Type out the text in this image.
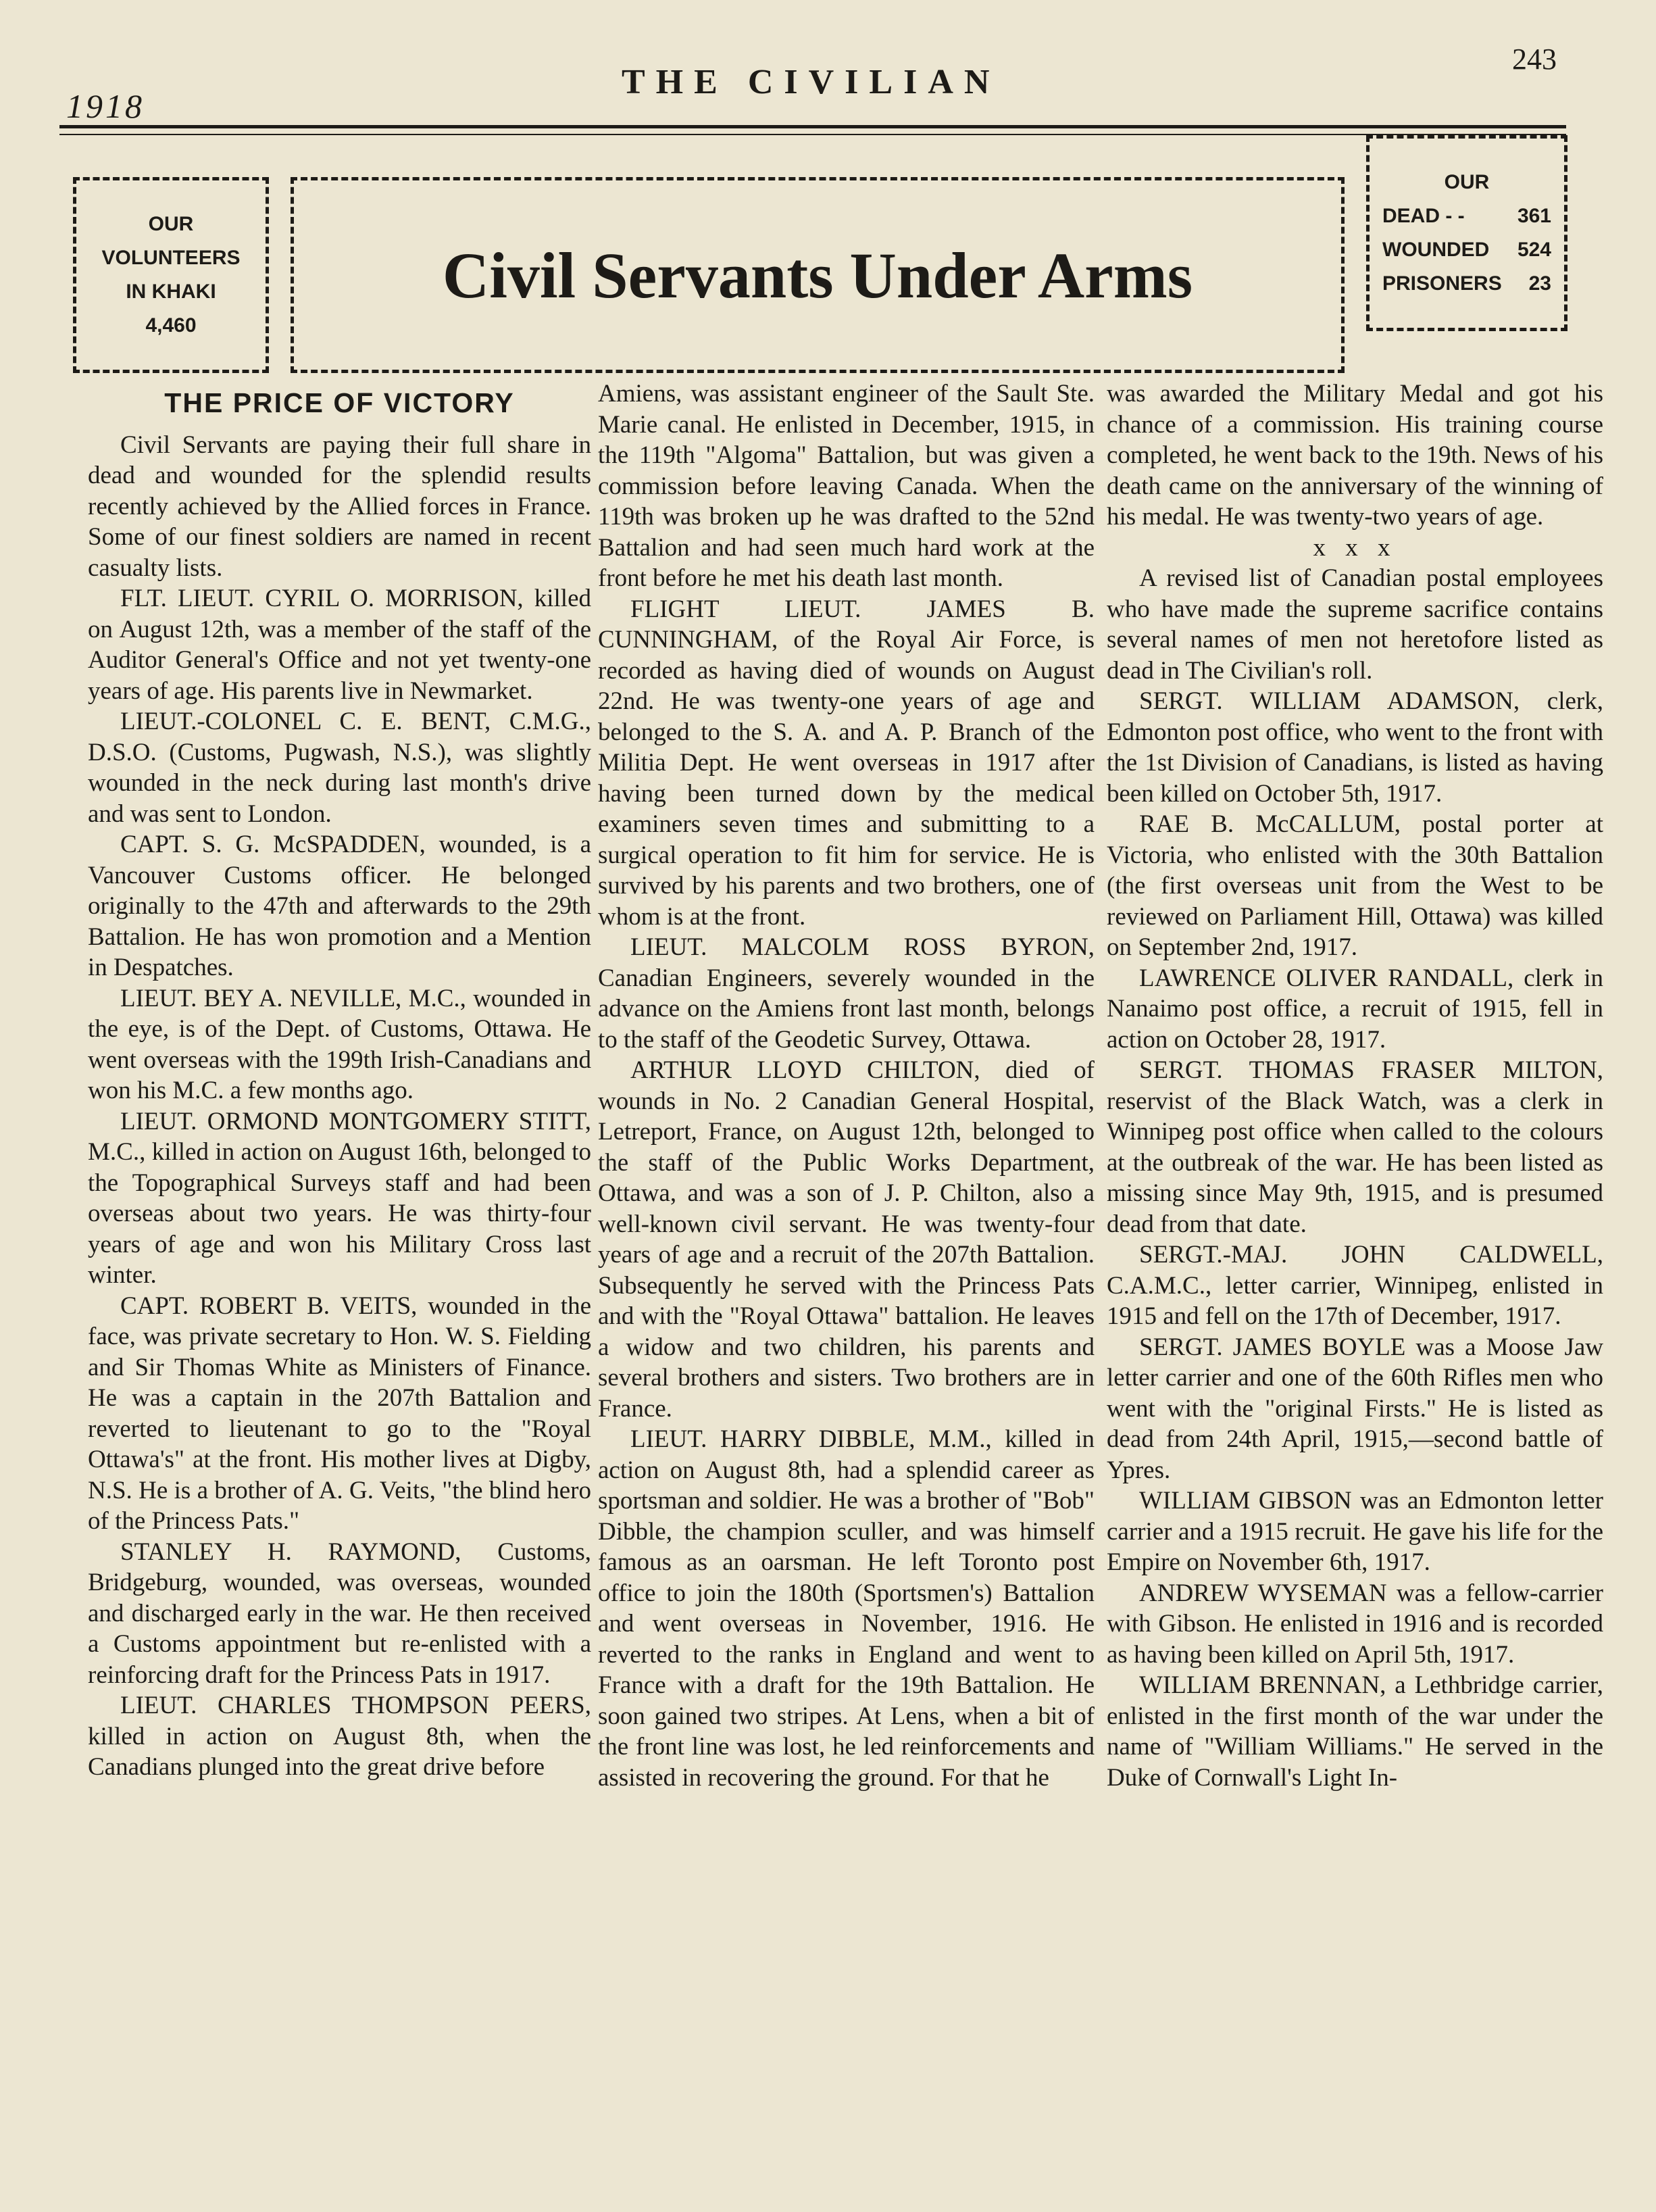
1918
THE CIVILIAN
243
OUR
VOLUNTEERS
IN KHAKI
4,460
Civil Servants Under Arms
OUR
DEAD - -	361
WOUNDED 524
PRISONERS 23
THE PRICE OF VICTORY

Civil Servants are paying their full share in dead and wounded for the splendid results recently achieved by the Allied forces in France. Some of our finest soldiers are named in recent casualty lists.

FLT. LIEUT. CYRIL O. MORRISON, killed on August 12th, was a member of the staff of the Auditor General's Office and not yet twenty-one years of age. His parents live in Newmarket.

LIEUT.-COLONEL C. E. BENT, C.M.G., D.S.O. (Customs, Pugwash, N.S.), was slightly wounded in the neck during last month's drive and was sent to London.

CAPT. S. G. McSPADDEN, wounded, is a Vancouver Customs officer. He belonged originally to the 47th and afterwards to the 29th Battalion. He has won promotion and a Mention in Despatches.

LIEUT. BEY A. NEVILLE, M.C., wounded in the eye, is of the Dept. of Customs, Ottawa. He went overseas with the 199th Irish-Canadians and won his M.C. a few months ago.

LIEUT. ORMOND MONTGOMERY STITT, M.C., killed in action on August 16th, belonged to the Topographical Surveys staff and had been overseas about two years. He was thirty-four years of age and won his Military Cross last winter.

CAPT. ROBERT B. VEITS, wounded in the face, was private secretary to Hon. W. S. Fielding and Sir Thomas White as Ministers of Finance. He was a captain in the 207th Battalion and reverted to lieutenant to go to the "Royal Ottawa's" at the front. His mother lives at Digby, N.S. He is a brother of A. G. Veits, "the blind hero of the Princess Pats."

STANLEY H. RAYMOND, Customs, Bridgeburg, wounded, was overseas, wounded and discharged early in the war. He then received a Customs appointment but re-enlisted with a reinforcing draft for the Princess Pats in 1917.

LIEUT. CHARLES THOMPSON PEERS, killed in action on August 8th, when the Canadians plunged into the great drive before

Amiens, was assistant engineer of the Sault Ste. Marie canal. He enlisted in December, 1915, in the 119th "Algoma" Battalion, but was given a commission before leaving Canada. When the 119th was broken up he was drafted to the 52nd Battalion and had seen much hard work at the front before he met his death last month.

FLIGHT LIEUT. JAMES B. CUNNINGHAM, of the Royal Air Force, is recorded as having died of wounds on August 22nd. He was twenty-one years of age and belonged to the S. A. and A. P. Branch of the Militia Dept. He went overseas in 1917 after having been turned down by the medical examiners seven times and submitting to a surgical operation to fit him for service. He is survived by his parents and two brothers, one of whom is at the front.

LIEUT. MALCOLM ROSS BYRON, Canadian Engineers, severely wounded in the advance on the Amiens front last month, belongs to the staff of the Geodetic Survey, Ottawa.

ARTHUR LLOYD CHILTON, died of wounds in No. 2 Canadian General Hospital, Letreport, France, on August 12th, belonged to the staff of the Public Works Department, Ottawa, and was a son of J. P. Chilton, also a well-known civil servant. He was twenty-four years of age and a recruit of the 207th Battalion. Subsequently he served with the Princess Pats and with the "Royal Ottawa" battalion. He leaves a widow and two children, his parents and several brothers and sisters. Two brothers are in France.

LIEUT. HARRY DIBBLE, M.M., killed in action on August 8th, had a splendid career as sportsman and soldier. He was a brother of "Bob" Dibble, the champion sculler, and was himself famous as an oarsman. He left Toronto post office to join the 180th (Sportsmen's) Battalion and went overseas in November, 1916. He reverted to the ranks in England and went to France with a draft for the 19th Battalion. He soon gained two stripes. At Lens, when a bit of the front line was lost, he led reinforcements and assisted in recovering the ground. For that he

was awarded the Military Medal and got his chance of a commission. His training course completed, he went back to the 19th. News of his death came on the anniversary of the winning of his medal. He was twenty-two years of age.

x x x

A revised list of Canadian postal employees who have made the supreme sacrifice contains several names of men not heretofore listed as dead in The Civilian's roll.

SERGT. WILLIAM ADAMSON, clerk, Edmonton post office, who went to the front with the 1st Division of Canadians, is listed as having been killed on October 5th, 1917.

RAE B. McCALLUM, postal porter at Victoria, who enlisted with the 30th Battalion (the first overseas unit from the West to be reviewed on Parliament Hill, Ottawa) was killed on September 2nd, 1917.

LAWRENCE OLIVER RANDALL, clerk in Nanaimo post office, a recruit of 1915, fell in action on October 28, 1917.

SERGT. THOMAS FRASER MILTON, reservist of the Black Watch, was a clerk in Winnipeg post office when called to the colours at the outbreak of the war. He has been listed as missing since May 9th, 1915, and is presumed dead from that date.

SERGT.-MAJ. JOHN CALDWELL, C.A.M.C., letter carrier, Winnipeg, enlisted in 1915 and fell on the 17th of December, 1917.

SERGT. JAMES BOYLE was a Moose Jaw letter carrier and one of the 60th Rifles men who went with the "original Firsts." He is listed as dead from 24th April, 1915,—second battle of Ypres.

WILLIAM GIBSON was an Edmonton letter carrier and a 1915 recruit. He gave his life for the Empire on November 6th, 1917.

ANDREW WYSEMAN was a fellow-carrier with Gibson. He enlisted in 1916 and is recorded as having been killed on April 5th, 1917.

WILLIAM BRENNAN, a Lethbridge carrier, enlisted in the first month of the war under the name of "William Williams." He served in the Duke of Cornwall's Light In-
